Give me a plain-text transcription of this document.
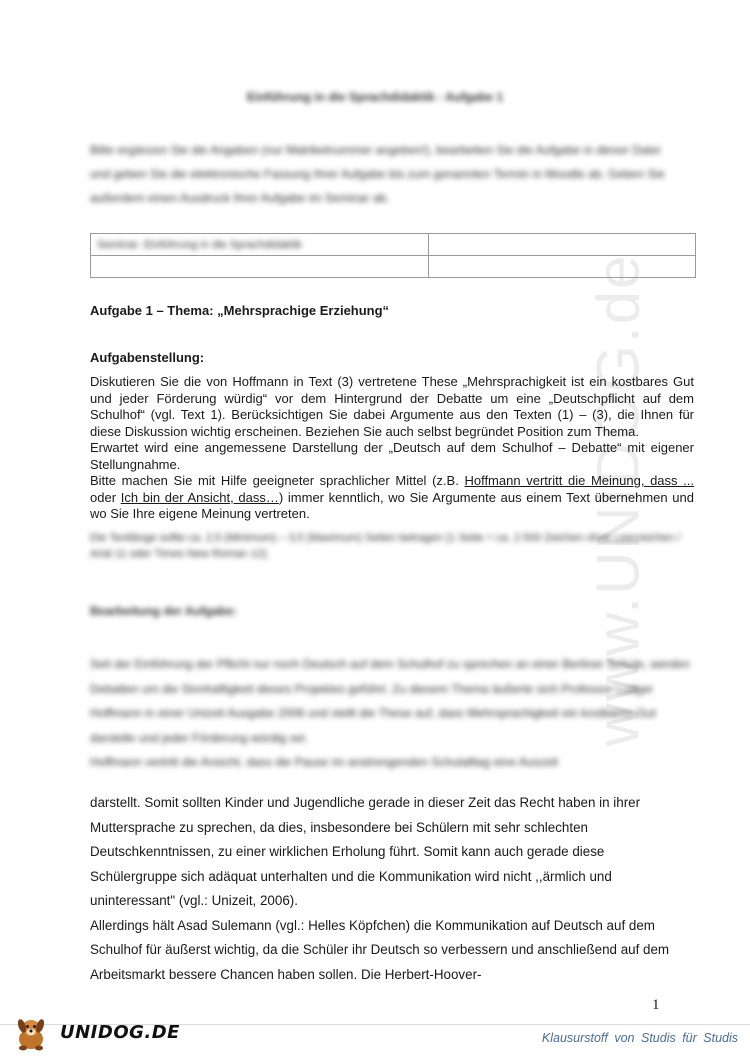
www.UNIDOG.de
Einführung in die Sprachdidaktik - Aufgabe 1
Bitte ergänzen Sie die Angaben (nur Matrikelnummer angeben!), bearbeiten Sie die Aufgabe in dieser Datei und geben Sie die elektronische Fassung Ihrer Aufgabe bis zum genannten Termin in Moodle ab. Geben Sie außerdem einen Ausdruck Ihrer Aufgabe im Seminar ab.
Seminar: Einführung in die Sprachdidaktik	

Aufgabe 1 – Thema: „Mehrsprachige Erziehung“
Aufgabenstellung:

Diskutieren Sie die von Hoffmann in Text (3) vertretene These „Mehrsprachigkeit ist ein kostbares Gut und jeder Förderung würdig“ vor dem Hintergrund der Debatte um eine „Deutschpflicht auf dem Schulhof“ (vgl. Text 1). Berücksichtigen Sie dabei Argumente aus den Texten (1) – (3), die Ihnen für diese Diskussion wichtig erscheinen. Beziehen Sie auch selbst begründet Position zum Thema.

Erwartet wird eine angemessene Darstellung der „Deutsch auf dem Schulhof – Debatte“ mit eigener Stellungnahme.

Bitte machen Sie mit Hilfe geeigneter sprachlicher Mittel (z.B. Hoffmann vertritt die Meinung, dass ... oder Ich bin der Ansicht, dass…) immer kenntlich, wo Sie Argumente aus einem Text übernehmen und wo Sie Ihre eigene Meinung vertreten.

Die Textlänge sollte ca. 2,5 (Minimum) – 3,5 (Maximum) Seiten betragen (1 Seite = ca. 2.500 Zeichen ohne Leerzeichen / Arial 11 oder Times New Roman 12).
Bearbeitung der Aufgabe:
Seit der Einführung der Pflicht nur noch Deutsch auf dem Schulhof zu sprechen an einer Berliner Schule, werden Debatten um die Sinnhaftigkeit dieses Projektes geführt. Zu diesem Thema äußerte sich Professor Ludger Hoffmann in einer Unizeit Ausgabe 2006 und stellt die These auf, dass Mehrsprachigkeit ein kostbares Gut darstelle und jeder Förderung würdig sei.
Hoffmann vertritt die Ansicht, dass die Pause im anstrengenden Schulalltag eine Auszeit

darstellt. Somit sollten Kinder und Jugendliche gerade in dieser Zeit das Recht haben in ihrer Muttersprache zu sprechen, da dies, insbesondere bei Schülern mit sehr schlechten Deutschkenntnissen, zu einer wirklichen Erholung führt. Somit kann auch gerade diese Schülergruppe sich adäquat unterhalten und die Kommunikation wird nicht ,,ärmlich und uninteressant" (vgl.: Unizeit, 2006).

Allerdings hält Asad Sulemann (vgl.: Helles Köpfchen) die Kommunikation auf Deutsch auf dem Schulhof für äußerst wichtig, da die Schüler ihr Deutsch so verbessern und anschließend auf dem Arbeitsmarkt bessere Chancen haben sollen. Die Herbert-Hoover-

1
UNIDOG.DE	Klausurstoff von Studis für Studis
